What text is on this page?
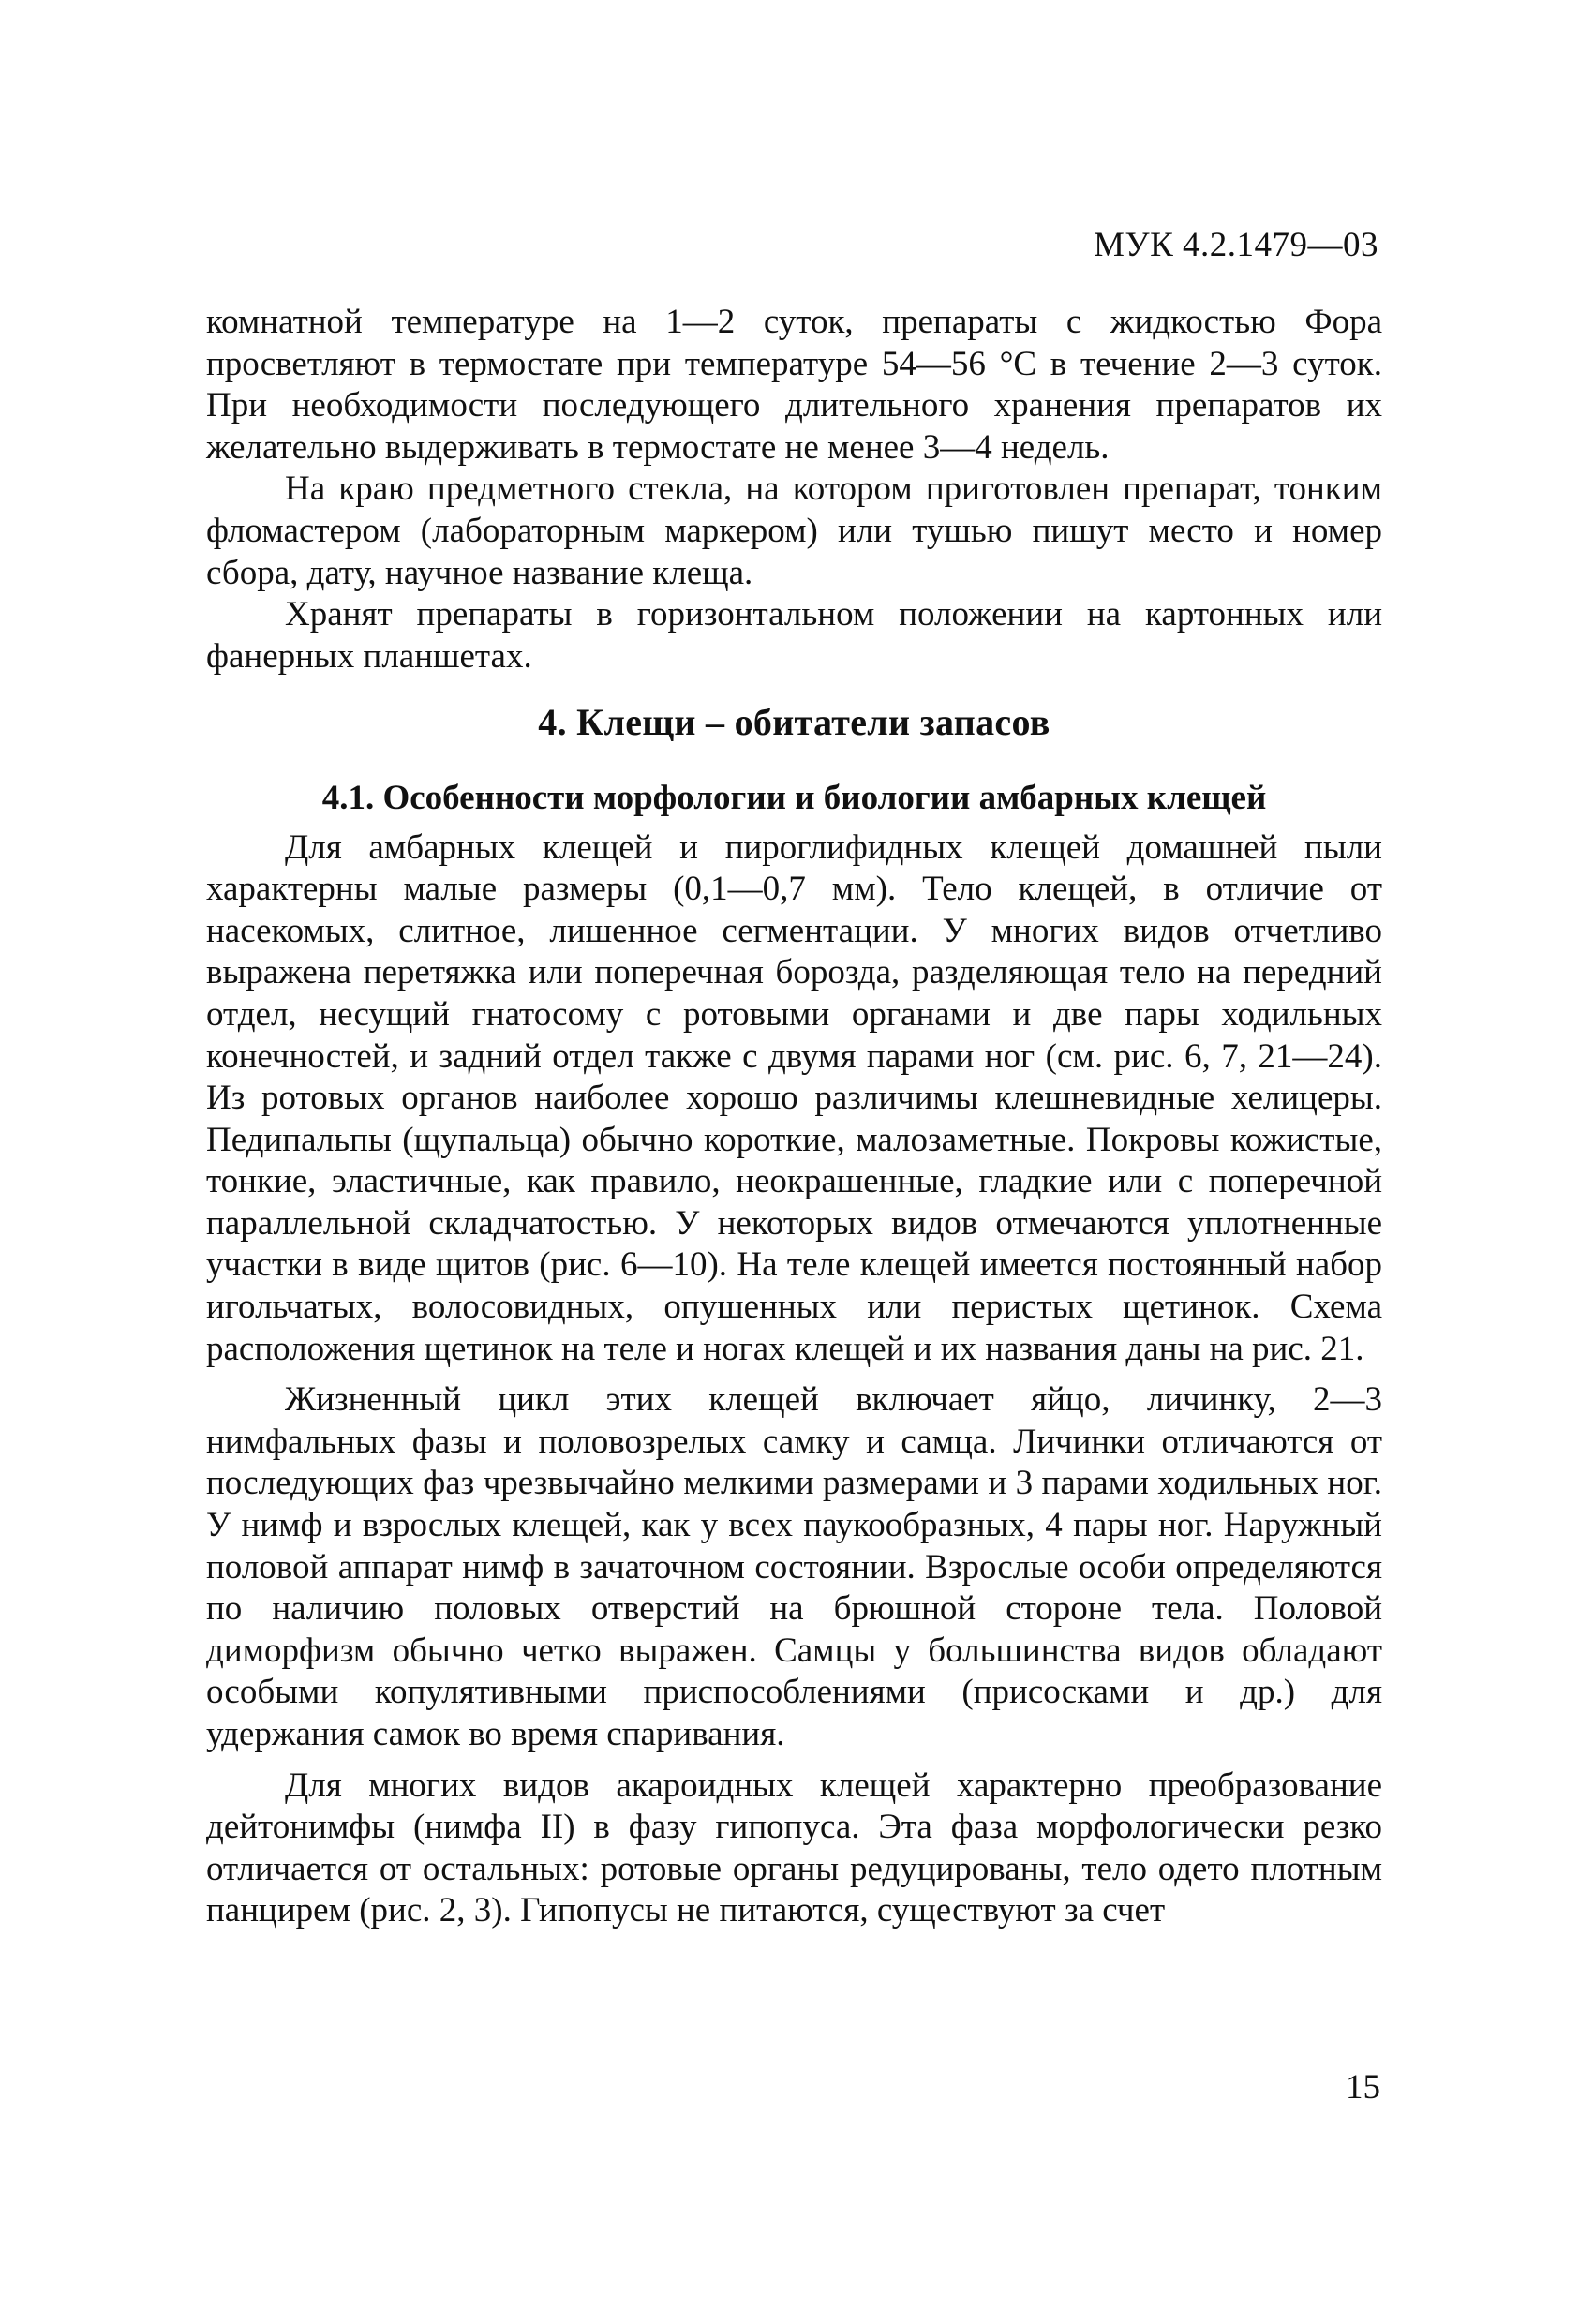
МУК 4.2.1479—03

комнатной температуре на 1—2 суток, препараты с жидкостью Фора просветляют в термостате при температуре 54—56 °С в течение 2—3 суток. При необходимости последующего длительного хранения препаратов их желательно выдерживать в термостате не менее 3—4 недель.

На краю предметного стекла, на котором приготовлен препарат, тонким фломастером (лабораторным маркером) или тушью пишут место и номер сбора, дату, научное название клеща.

Хранят препараты в горизонтальном положении на картонных или фанерных планшетах.

4. Клещи – обитатели запасов
4.1. Особенности морфологии и биологии амбарных клещей

Для амбарных клещей и пироглифидных клещей домашней пыли характерны малые размеры (0,1—0,7 мм). Тело клещей, в отличие от насекомых, слитное, лишенное сегментации. У многих видов отчетливо выражена перетяжка или поперечная борозда, разделяющая тело на передний отдел, несущий гнатосому с ротовыми органами и две пары ходильных конечностей, и задний отдел также с двумя парами ног (см. рис. 6, 7, 21—24). Из ротовых органов наиболее хорошо различимы клешневидные хелицеры. Педипальпы (щупальца) обычно короткие, малозаметные. Покровы кожистые, тонкие, эластичные, как правило, неокрашенные, гладкие или с поперечной параллельной складчатостью. У некоторых видов отмечаются уплотненные участки в виде щитов (рис. 6—10). На теле клещей имеется постоянный набор игольчатых, волосовидных, опушенных или перистых щетинок. Схема расположения щетинок на теле и ногах клещей и их названия даны на рис. 21.

Жизненный цикл этих клещей включает яйцо, личинку, 2—3 нимфальных фазы и половозрелых самку и самца. Личинки отличаются от последующих фаз чрезвычайно мелкими размерами и 3 парами ходильных ног. У нимф и взрослых клещей, как у всех паукообразных, 4 пары ног. Наружный половой аппарат нимф в зачаточном состоянии. Взрослые особи определяются по наличию половых отверстий на брюшной стороне тела. Половой диморфизм обычно четко выражен. Самцы у большинства видов обладают особыми копулятивными приспособлениями (присосками и др.) для удержания самок во время спаривания.

Для многих видов акароидных клещей характерно преобразование дейтонимфы (нимфа II) в фазу гипопуса. Эта фаза морфологически резко отличается от остальных: ротовые органы редуцированы, тело одето плотным панцирем (рис. 2, 3). Гипопусы не питаются, существуют за счет

15
